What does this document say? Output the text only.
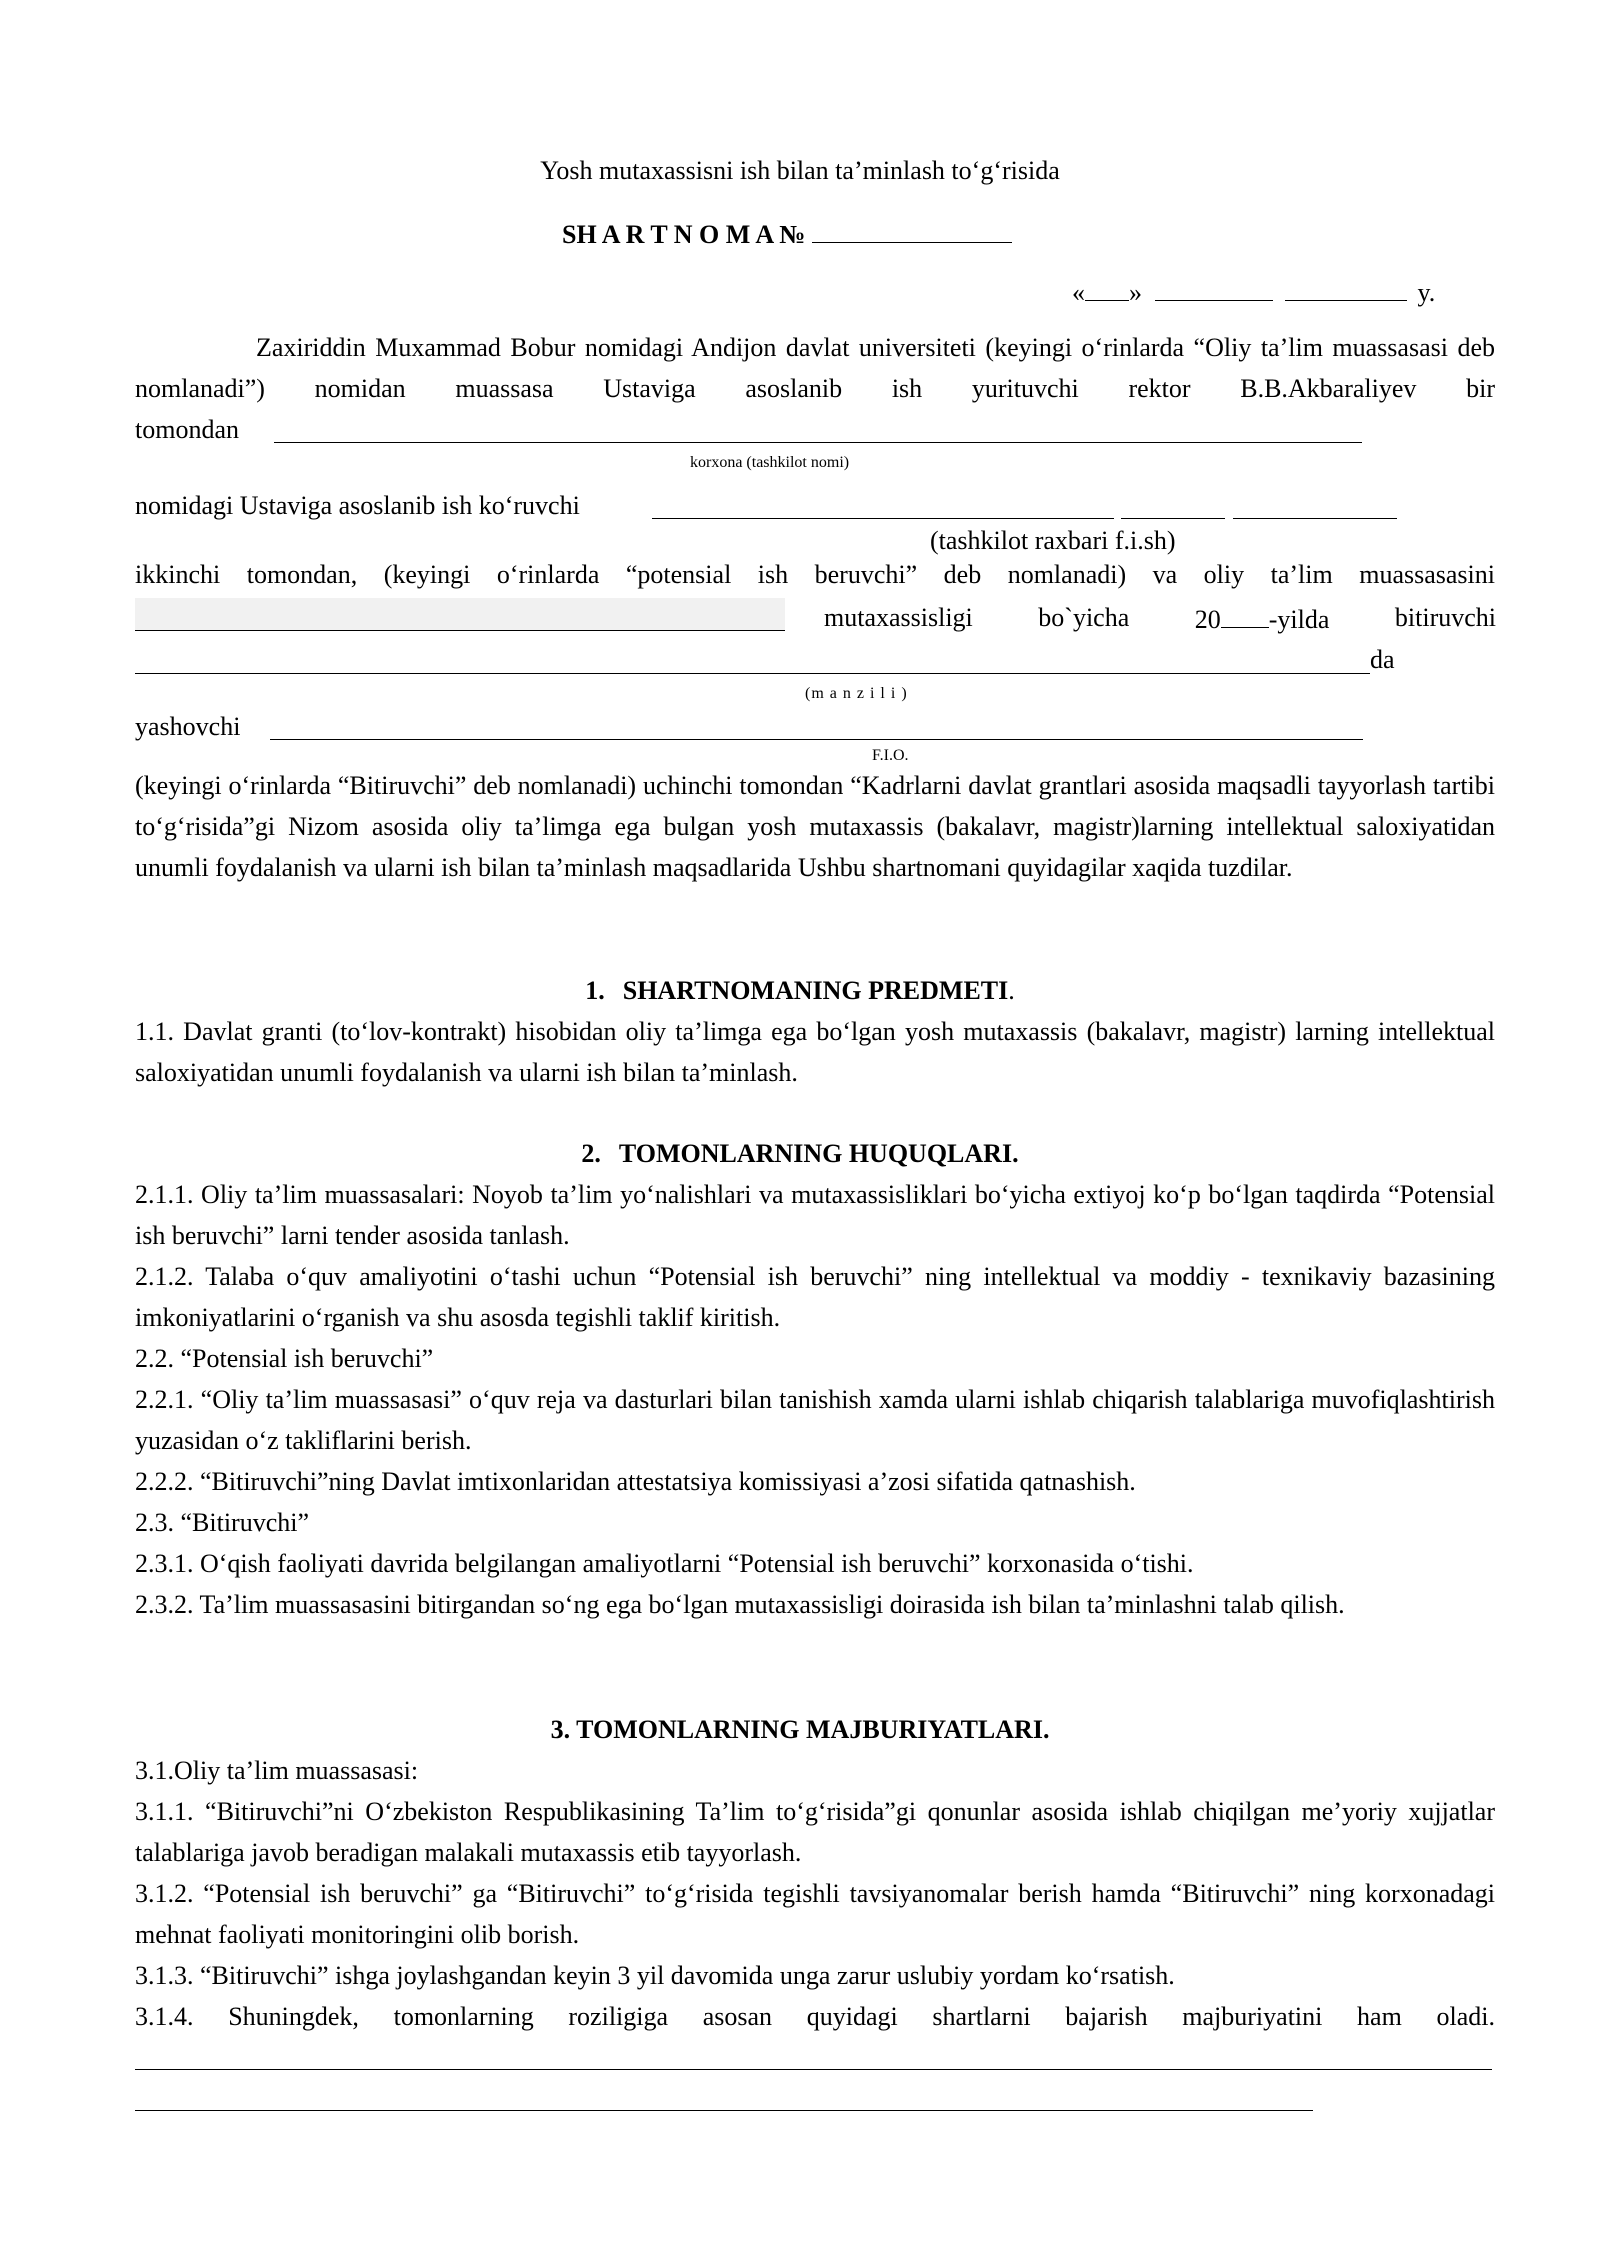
Yosh mutaxassisni ish bilan ta’minlash to‘g‘risida
SH A R T N O M A №
« »	y.

Zaxiriddin Muxammad Bobur nomidagi Andijon davlat universiteti (keyingi o‘rinlarda “Oliy ta’lim muassasasi deb nomlanadi”) nomidan muassasa Ustaviga asoslanib ish yurituvchi rektor B.B.Akbaraliyev bir

tomondan
korxona (tashkilot nomi)
nomidagi Ustaviga asoslanib ish ko‘ruvchi
(tashkilot raxbari f.i.sh)
ikkinchi tomondan, (keyingi o‘rinlarda “potensial ish beruvchi” deb nomlanadi) va oliy ta’lim muassasasini
mutaxassisligi	bo`yicha	20 -yilda	bitiruvchi
da
(m a n z i l i )
yashovchi
F.I.O.

(keyingi o‘rinlarda “Bitiruvchi” deb nomlanadi) uchinchi tomondan “Kadrlarni davlat grantlari asosida maqsadli tayyorlash tartibi to‘g‘risida”gi Nizom asosida oliy ta’limga ega bulgan yosh mutaxassis (bakalavr, magistr)larning intellektual saloxiyatidan unumli foydalanish va ularni ish bilan ta’minlash maqsadlarida Ushbu shartnomani quyidagilar xaqida tuzdilar.

1. SHARTNOMANING PREDMETI.

1.1. Davlat granti (to‘lov-kontrakt) hisobidan oliy ta’limga ega bo‘lgan yosh mutaxassis (bakalavr, magistr) larning intellektual saloxiyatidan unumli foydalanish va ularni ish bilan ta’minlash.

2. TOMONLARNING HUQUQLARI.

2.1.1. Oliy ta’lim muassasalari: Noyob ta’lim yo‘nalishlari va mutaxassisliklari bo‘yicha extiyoj ko‘p bo‘lgan taqdirda “Potensial ish beruvchi” larni tender asosida tanlash.

2.1.2. Talaba o‘quv amaliyotini o‘tashi uchun “Potensial ish beruvchi” ning intellektual va moddiy - texnikaviy bazasining imkoniyatlarini o‘rganish va shu asosda tegishli taklif kiritish.

2.2. “Potensial ish beruvchi”

2.2.1. “Oliy ta’lim muassasasi” o‘quv reja va dasturlari bilan tanishish xamda ularni ishlab chiqarish talablariga muvofiqlashtirish yuzasidan o‘z takliflarini berish.

2.2.2. “Bitiruvchi”ning Davlat imtixonlaridan attestatsiya komissiyasi a’zosi sifatida qatnashish.

2.3. “Bitiruvchi”

2.3.1. O‘qish faoliyati davrida belgilangan amaliyotlarni “Potensial ish beruvchi” korxonasida o‘tishi.

2.3.2. Ta’lim muassasasini bitirgandan so‘ng ega bo‘lgan mutaxassisligi doirasida ish bilan ta’minlashni talab qilish.

3. TOMONLARNING MAJBURIYATLARI.

3.1.Oliy ta’lim muassasasi:

3.1.1. “Bitiruvchi”ni O‘zbekiston Respublikasining Ta’lim to‘g‘risida”gi qonunlar asosida ishlab chiqilgan me’yoriy xujjatlar talablariga javob beradigan malakali mutaxassis etib tayyorlash.

3.1.2. “Potensial ish beruvchi” ga “Bitiruvchi” to‘g‘risida tegishli tavsiyanomalar berish hamda “Bitiruvchi” ning korxonadagi mehnat faoliyati monitoringini olib borish.

3.1.3. “Bitiruvchi” ishga joylashgandan keyin 3 yil davomida unga zarur uslubiy yordam ko‘rsatish.

3.1.4. Shuningdek, tomonlarning roziligiga asosan quyidagi shartlarni bajarish majburiyatini ham oladi.
